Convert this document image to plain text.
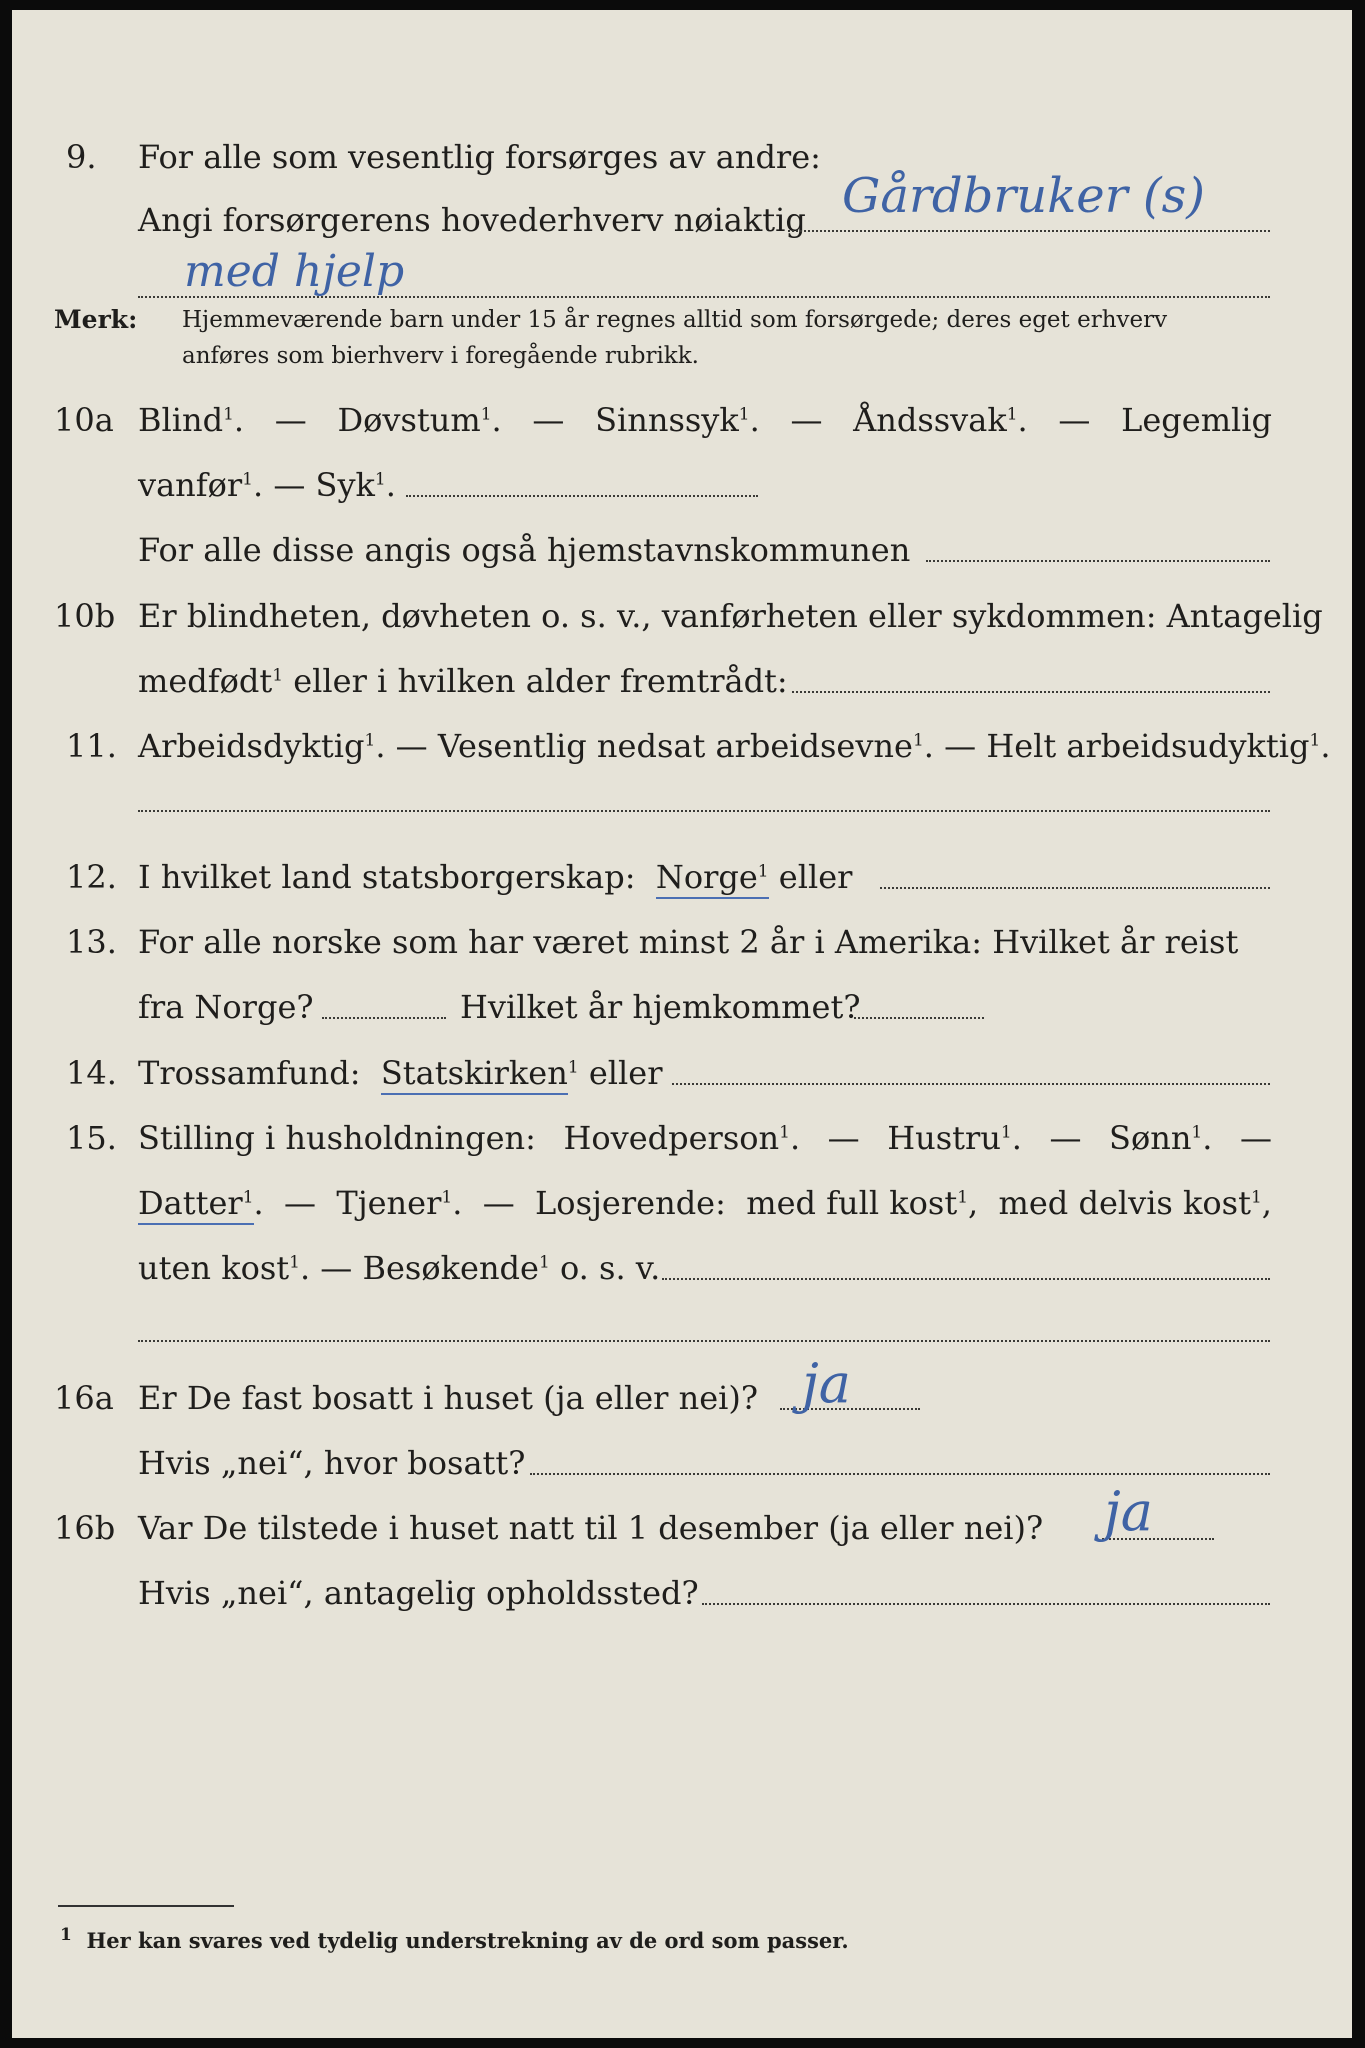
9. For alle som vesentlig forsørges av andre:
Angi forsørgerens hovederhverv nøiaktig Gårdbruker (s)
med hjelp
Merk: Hjemmeværende barn under 15 år regnes alltid som forsørgede; deres eget erhverv
anføres som bierhverv i foregående rubrikk.
10a Blind$^1$. — Døvstum$^1$. — Sinnssyk$^1$. — Åndssvak$^1$. — Legemlig
vanfør$^1$. — Syk$^1$.
For alle disse angis også hjemstavnskommunen
10b Er blindheten, døvheten o. s. v., vanførheten eller sykdommen: Antagelig
medfødt$^1$ eller i hvilken alder fremtrådt:
11. Arbeidsdyktig$^1$. — Vesentlig nedsat arbeidsevne$^1$. — Helt arbeidsudyktig$^1$.
12. I hvilket land statsborgerskap: Norge$^1$ eller
13. For alle norske som har været minst 2 år i Amerika: Hvilket år reist
fra Norge?	Hvilket år hjemkommet?
14. Trossamfund: Statskirken$^1$ eller
15. Stilling i husholdningen: Hovedperson$^1$. — Hustru$^1$. — Sønn$^1$. —
Datter$^1$. — Tjener$^1$. — Losjerende: med full kost$^1$, med delvis kost$^1$,
uten kost$^1$. — Besøkende$^1$ o. s. v.
16a Er De fast bosatt i huset (ja eller nei)? ja
Hvis „nei“, hvor bosatt?
16b Var De tilstede i huset natt til 1 desember (ja eller nei)? ja
Hvis „nei“, antagelig opholdssted?
$^1$ Her kan svares ved tydelig understrekning av de ord som passer.
